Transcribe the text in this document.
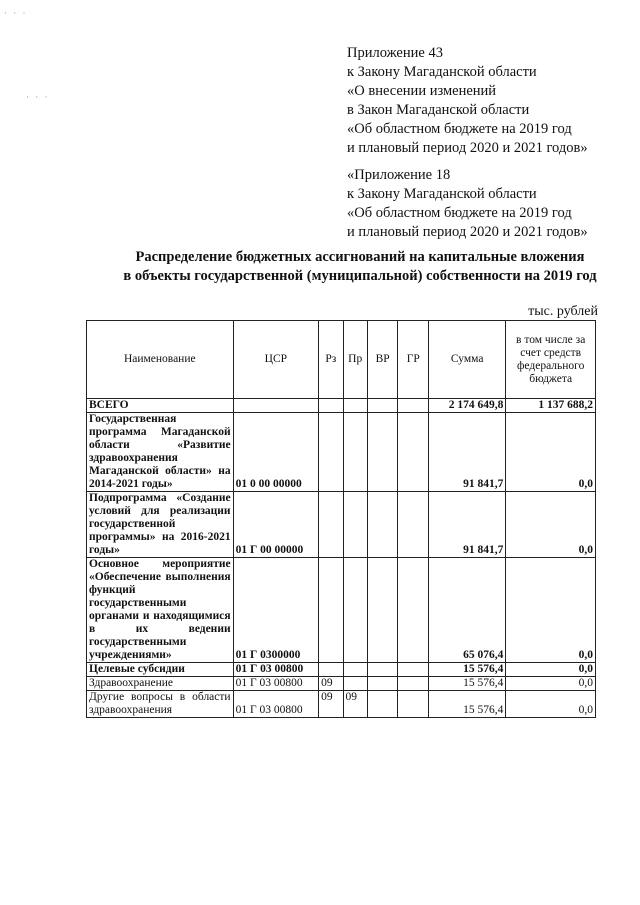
· · ·
· · ·
Приложение 43
к Закону Магаданской области
«О внесении изменений
в Закон Магаданской области
«Об областном бюджете на 2019 год
и плановый период 2020 и 2021 годов»
«Приложение 18
к Закону Магаданской области
«Об областном бюджете на 2019 год
и плановый период 2020 и 2021 годов»
Распределение бюджетных ассигнований на капитальные вложения
в объекты государственной (муниципальной) собственности на 2019 год
тыс. рублей
Наименование	ЦСР	Рз	Пр	ВР	ГР	Сумма	в том числе за счет средств федерального бюджета
ВСЕГО						2 174 649,8	1 137 688,2
Государственная программа Магаданской области «Развитие здравоохранения Магаданской области» на 2014-2021 годы»	01 0 00 00000					91 841,7	0,0
Подпрограмма «Создание условий для реализации государственной программы» на 2016-2021 годы»	01 Г 00 00000					91 841,7	0,0
Основное мероприятие «Обеспечение выполнения функций государственными органами и находящимися в их ведении государственными учреждениями»	01 Г 0300000					65 076,4	0,0
Целевые субсидии	01 Г 03 00800					15 576,4	0,0
Здравоохранение	01 Г 03 00800	09				15 576,4	0,0
Другие вопросы в области здравоохранения	01 Г 03 00800	09	09			15 576,4	0,0
